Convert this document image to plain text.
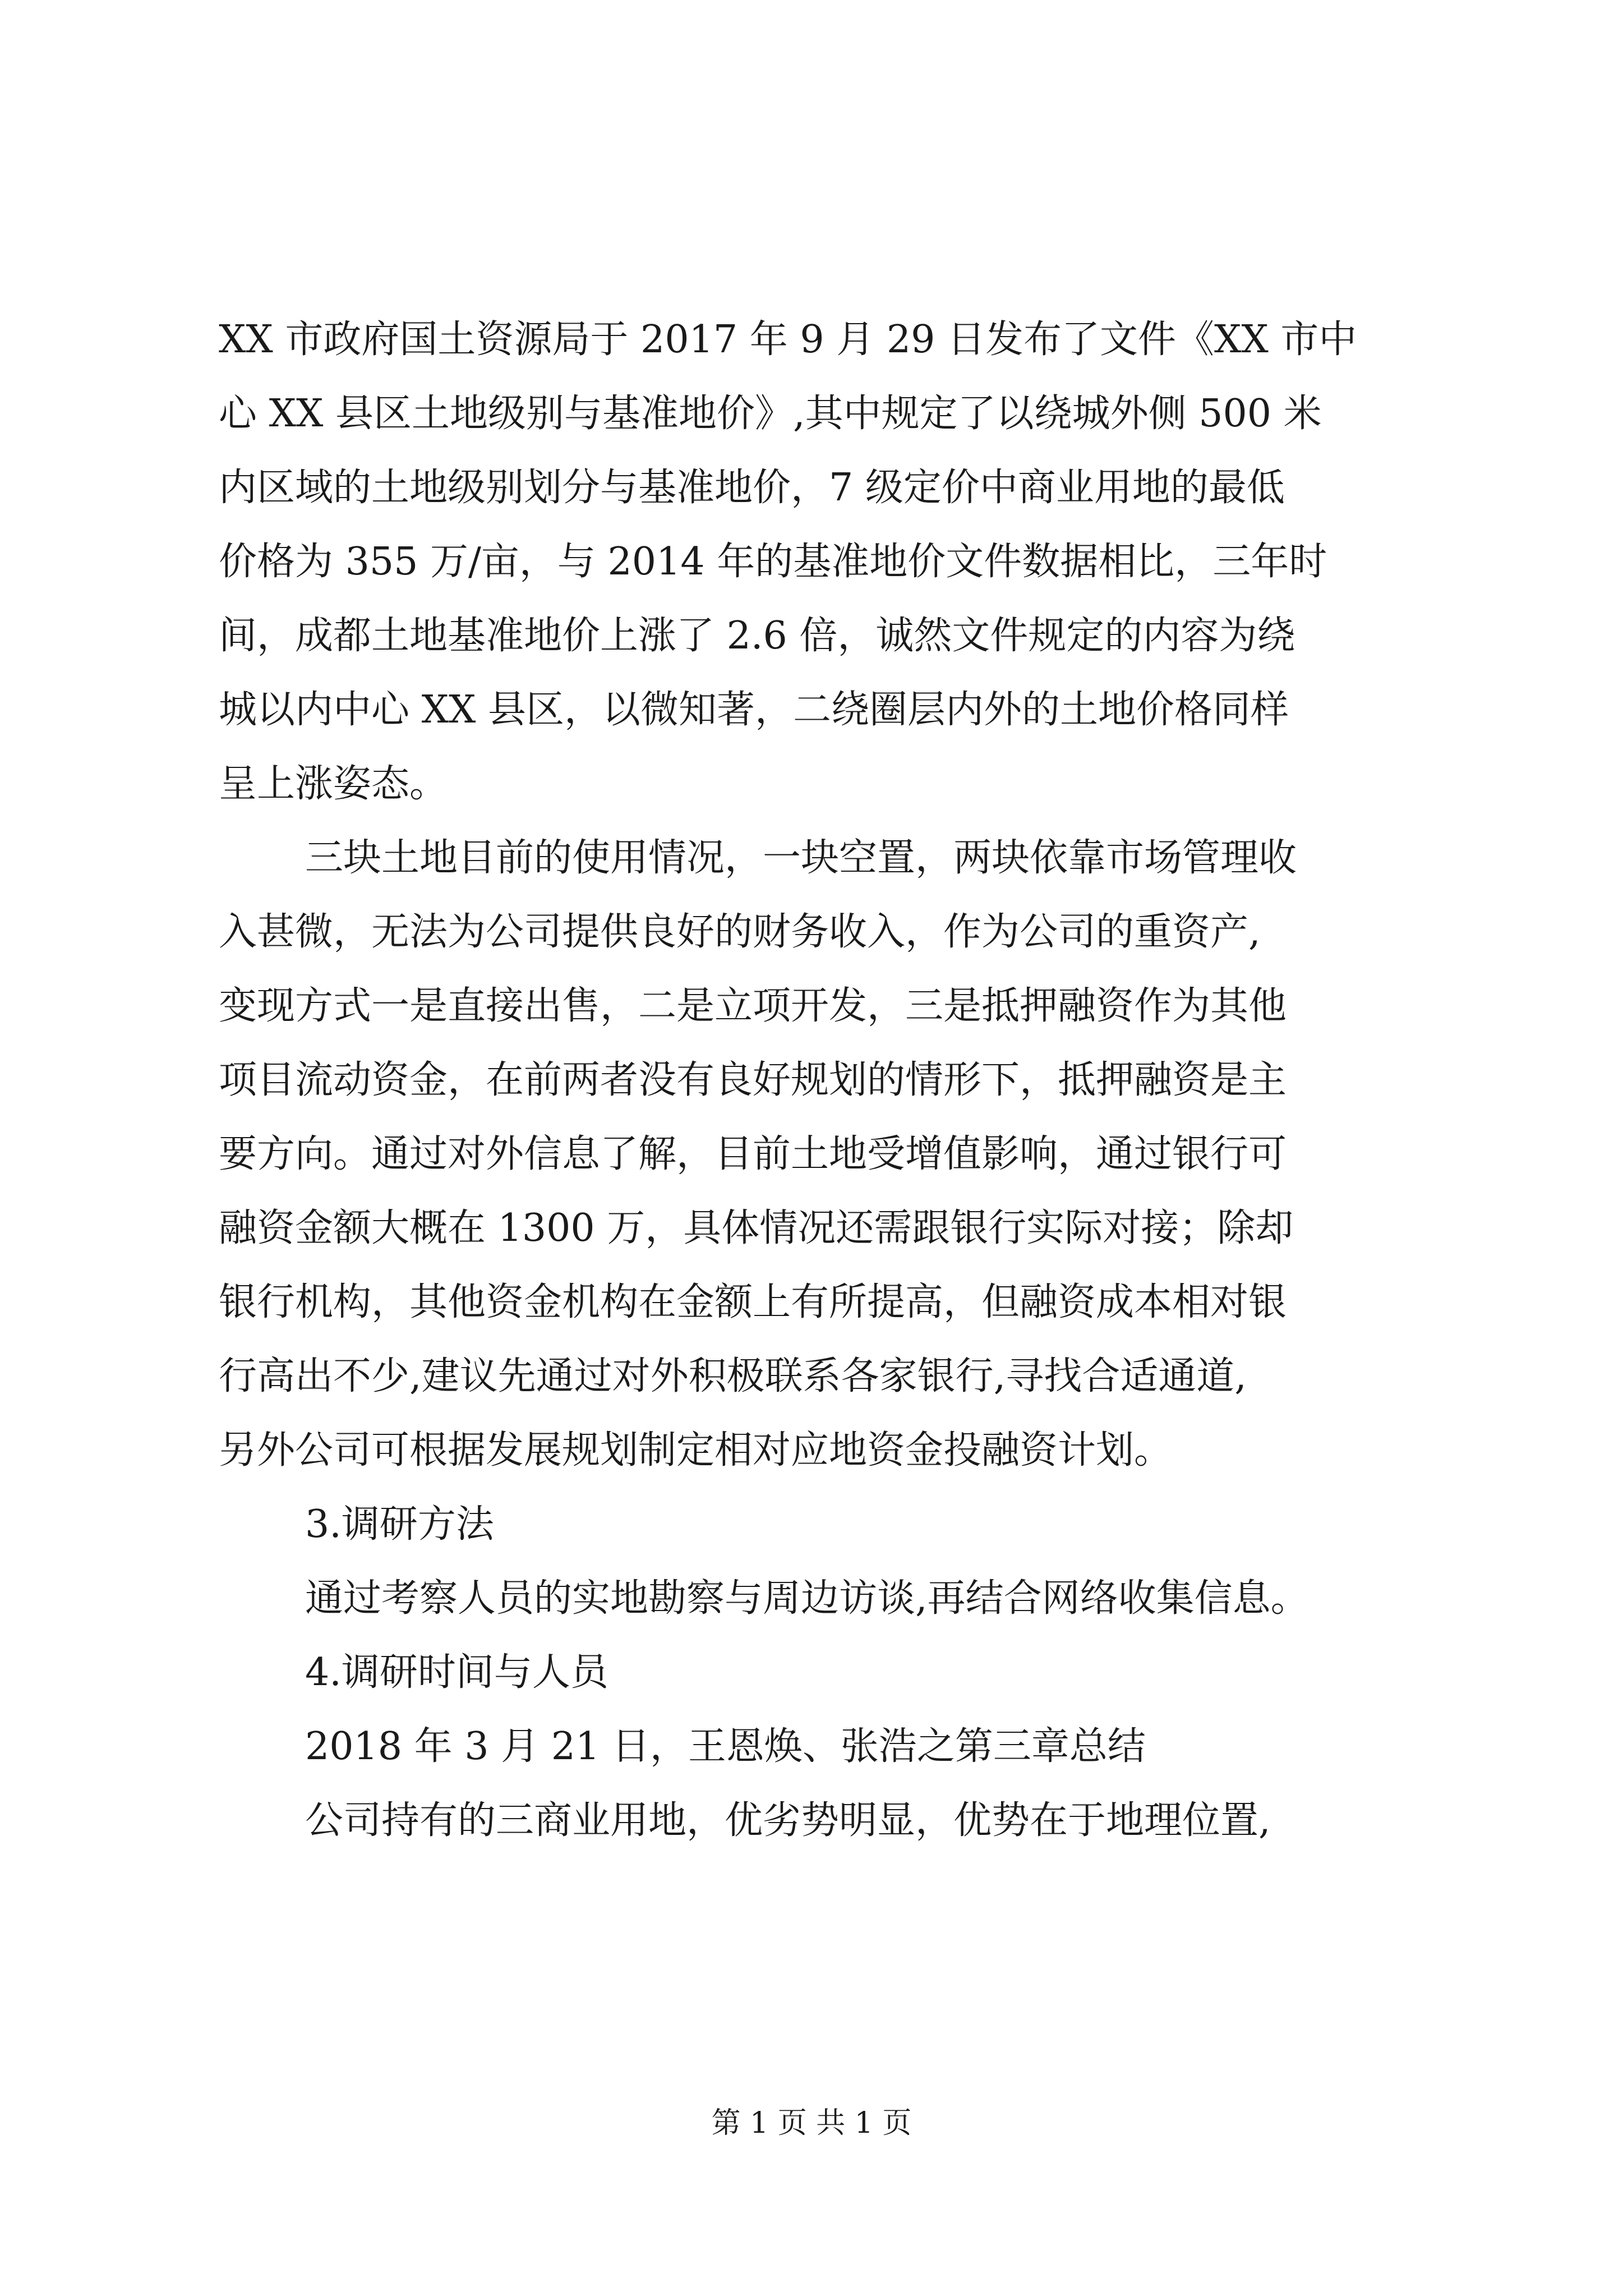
XX 市政府国土资源局于 2017 年 9 月 29 日发布了文件《XX 市中
心 XX 县区土地级别与基准地价》,其中规定了以绕城外侧 500 米
内区域的土地级别划分与基准地价，7 级定价中商业用地的最低
价格为 355 万/亩，与 2014 年的基准地价文件数据相比，三年时
间，成都土地基准地价上涨了 2.6 倍，诚然文件规定的内容为绕
城以内中心 XX 县区，以微知著，二绕圈层内外的土地价格同样
呈上涨姿态。
三块土地目前的使用情况，一块空置，两块依靠市场管理收
入甚微，无法为公司提供良好的财务收入，作为公司的重资产,
变现方式一是直接出售，二是立项开发，三是抵押融资作为其他
项目流动资金，在前两者没有良好规划的情形下，抵押融资是主
要方向。通过对外信息了解，目前土地受增值影响，通过银行可
融资金额大概在 1300 万，具体情况还需跟银行实际对接；除却
银行机构，其他资金机构在金额上有所提高，但融资成本相对银
行高出不少,建议先通过对外积极联系各家银行,寻找合适通道,
另外公司可根据发展规划制定相对应地资金投融资计划。
3.调研方法
通过考察人员的实地勘察与周边访谈,再结合网络收集信息。
4.调研时间与人员
2018 年 3 月 21 日，王恩焕、张浩之第三章总结
公司持有的三商业用地，优劣势明显，优势在于地理位置,
第 1 页 共 1 页
